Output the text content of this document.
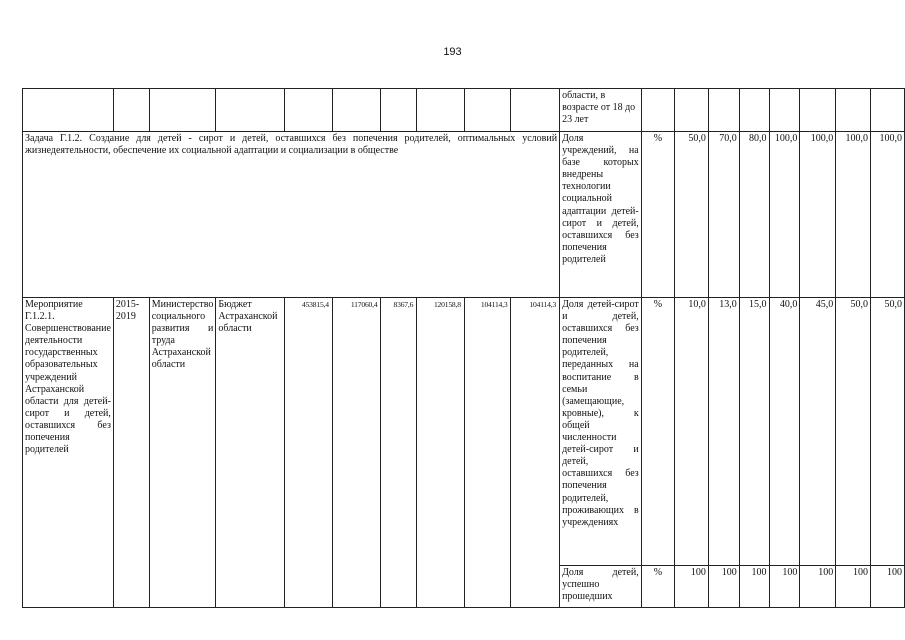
193
										области, в возрасте от 18 до 23 лет								
Задача Г.1.2. Создание для детей - сирот и детей, оставшихся без попечения родителей, оптимальных условий жизнедеятельности, обеспечение их социальной адаптации и социализации в обществе										Доля учреждений, на базе которых внедрены технологии социальной адаптации детей-сирот и детей, оставшихся без попечения родителей	%	50,0	70,0	80,0	100,0	100,0	100,0	100,0
Мероприятие Г.1.2.1. Совершенствование деятельности государственных образовательных учреждений Астраханской области для детей-сирот и детей, оставшихся без попечения родителей	2015-2019	Министерство социального развития и труда Астраханской области	Бюджет Астраханской области	453815,4	117060,4	8367,6	120158,8	104114,3	104114,3	Доля детей-сирот и детей, оставшихся без попечения родителей, переданных на воспитание в семьи (замещающие, кровные), к общей численности детей-сирот и детей, оставшихся без попечения родителей, проживающих в учреждениях	%	10,0	13,0	15,0	40,0	45,0	50,0	50,0
										Доля детей, успешно прошедших	%	100	100	100	100	100	100	100
